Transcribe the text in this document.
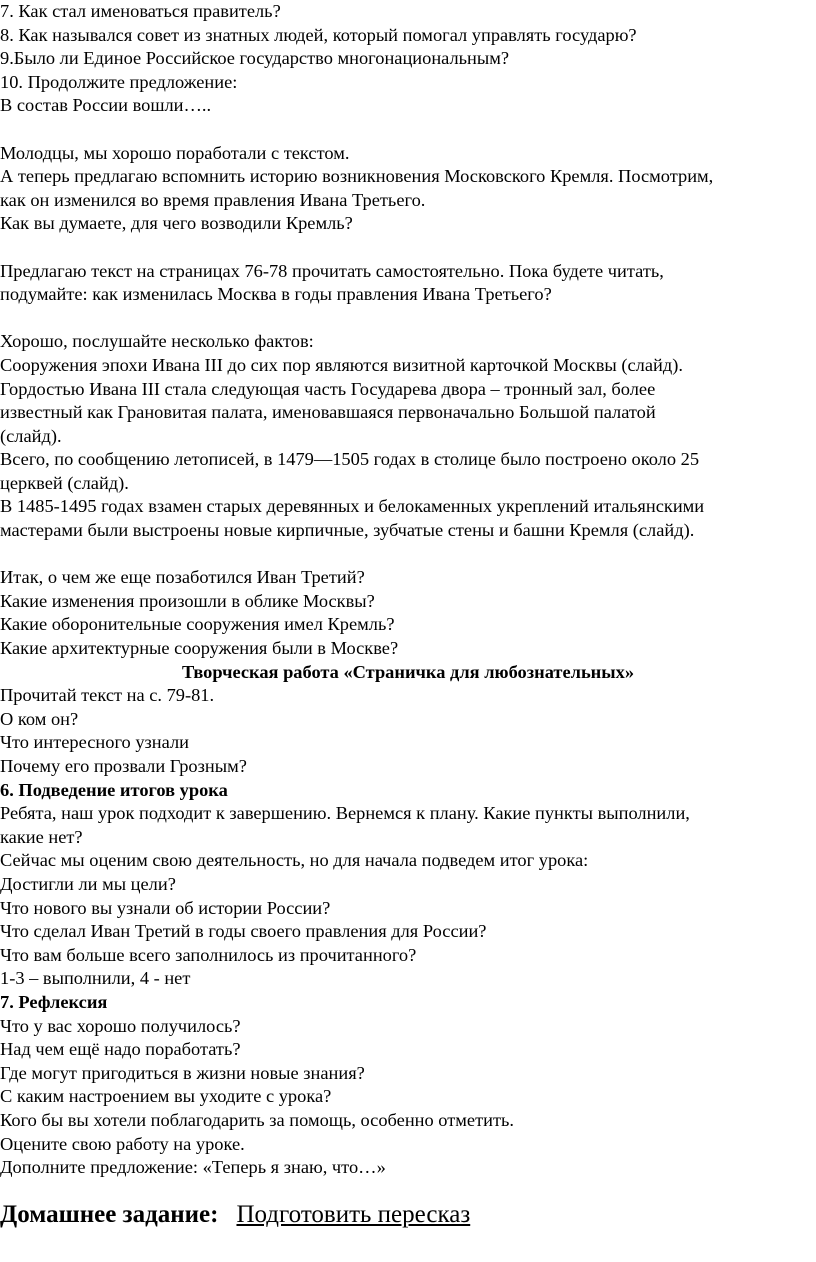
7. Как стал именоваться правитель?
8. Как назывался совет из знатных людей, который помогал управлять государю?
9.Было ли Единое Российское государство многонациональным?
10. Продолжите предложение:
В состав России вошли…..
Молодцы, мы хорошо поработали с текстом.
А теперь предлагаю вспомнить историю возникновения Московского Кремля. Посмотрим,
как он изменился во время правления Ивана Третьего.
Как вы думаете, для чего возводили Кремль?
Предлагаю текст на страницах 76-78 прочитать самостоятельно. Пока будете читать,
подумайте: как изменилась Москва в годы правления Ивана Третьего?
Хорошо, послушайте несколько фактов:
Сооружения эпохи Ивана III до сих пор являются визитной карточкой Москвы (слайд).
Гордостью Ивана III стала следующая часть Государева двора – тронный зал, более
известный как Грановитая палата, именовавшаяся первоначально Большой палатой
(слайд).
Всего, по сообщению летописей, в 1479—1505 годах в столице было построено около 25
церквей (слайд).
В 1485-1495 годах взамен старых деревянных и белокаменных укреплений итальянскими
мастерами были выстроены новые кирпичные, зубчатые стены и башни Кремля (слайд).
Итак, о чем же еще позаботился Иван Третий?
Какие изменения произошли в облике Москвы?
Какие оборонительные сооружения имел Кремль?
Какие архитектурные сооружения были в Москве?
Творческая работа «Страничка для любознательных»
Прочитай текст на с. 79-81.
О ком он?
Что интересного узнали
Почему его прозвали Грозным?
6. Подведение итогов урока
Ребята, наш урок подходит к завершению. Вернемся к плану. Какие пункты выполнили,
какие нет?
Сейчас мы оценим свою деятельность, но для начала подведем итог урока:
Достигли ли мы цели?
Что нового вы узнали об истории России?
Что сделал Иван Третий в годы своего правления для России?
Что вам больше всего заполнилось из прочитанного?
1-3 – выполнили, 4 - нет
7. Рефлексия
Что у вас хорошо получилось?
Над чем ещё надо поработать?
Где могут пригодиться в жизни новые знания?
С каким настроением вы уходите с урока?
Кого бы вы хотели поблагодарить за помощь, особенно отметить.
Оцените свою работу на уроке.
Дополните предложение: «Теперь я знаю, что…»
Домашнее задание: Подготовить пересказ
